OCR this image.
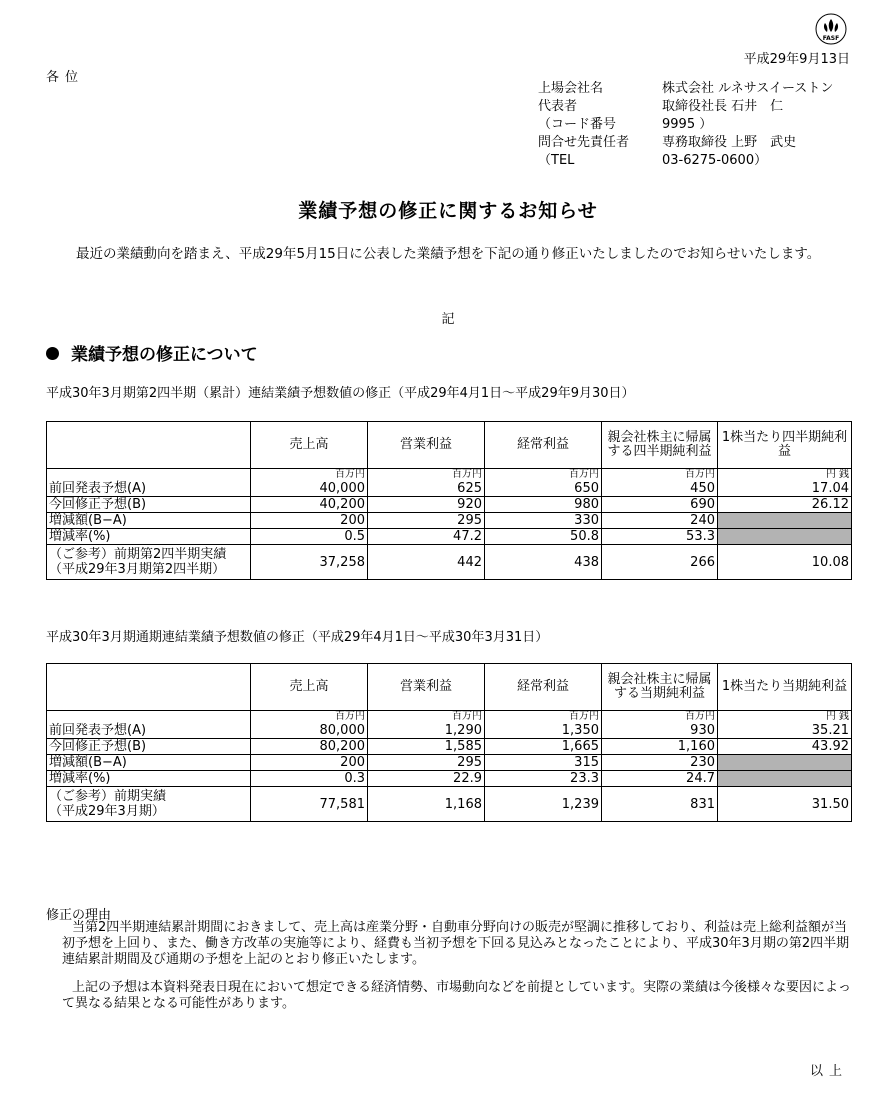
FASF
平成29年9月13日
各位
上場会社名	株式会社 ルネサスイーストン
代表者	取締役社長 石井　仁
（コード番号	9995 ）
問合せ先責任者	専務取締役 上野　武史
（TEL	03-6275-0600）
業績予想の修正に関するお知らせ
最近の業績動向を踏まえ、平成29年5月15日に公表した業績予想を下記の通り修正いたしましたのでお知らせいたします。
記
業績予想の修正について
平成30年3月期第2四半期（累計）連結業績予想数値の修正（平成29年4月1日～平成29年9月30日）
	売上高	営業利益	経常利益	親会社株主に帰属する四半期純利益	1株当たり四半期純利益
	百万円	百万円	百万円	百万円	円 銭
前回発表予想(A)	40,000	625	650	450	17.04
今回修正予想(B)	40,200	920	980	690	26.12
増減額(B−A)	200	295	330	240	
増減率(%)	0.5	47.2	50.8	53.3	

（ご参考）前期第2四半期実績
（平成29年3月期第2四半期）	37,258	442	438	266	10.08
平成30年3月期通期連結業績予想数値の修正（平成29年4月1日～平成30年3月31日）
	売上高	営業利益	経常利益	親会社株主に帰属する当期純利益	1株当たり当期純利益
	百万円	百万円	百万円	百万円	円 銭
前回発表予想(A)	80,000	1,290	1,350	930	35.21
今回修正予想(B)	80,200	1,585	1,665	1,160	43.92
増減額(B−A)	200	295	315	230	
増減率(%)	0.3	22.9	23.3	24.7	

（ご参考）前期実績
（平成29年3月期）	77,581	1,168	1,239	831	31.50
修正の理由
当第2四半期連結累計期間におきまして、売上高は産業分野・自動車分野向けの販売が堅調に推移しており、利益は売上総利益額が当初予想を上回り、また、働き方改革の実施等により、経費も当初予想を下回る見込みとなったことにより、平成30年3月期の第2四半期連結累計期間及び通期の予想を上記のとおり修正いたします。
上記の予想は本資料発表日現在において想定できる経済情勢、市場動向などを前提としています。実際の業績は今後様々な要因によって異なる結果となる可能性があります。
以上
